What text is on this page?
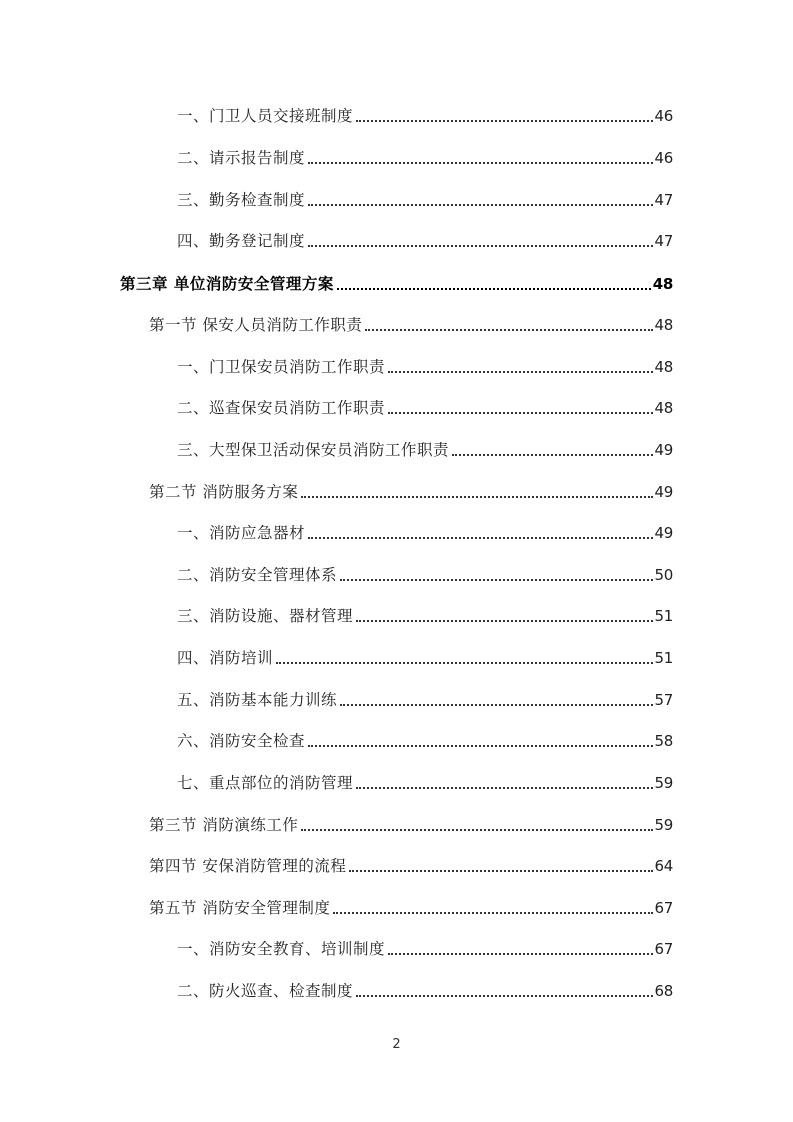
一、门卫人员交接班制度	46
二、请示报告制度	46
三、勤务检查制度	47
四、勤务登记制度	47
第三章 单位消防安全管理方案	48
第一节 保安人员消防工作职责	48
一、门卫保安员消防工作职责	48
二、巡查保安员消防工作职责	48
三、大型保卫活动保安员消防工作职责	49
第二节 消防服务方案	49
一、消防应急器材	49
二、消防安全管理体系	50
三、消防设施、器材管理	51
四、消防培训	51
五、消防基本能力训练	57
六、消防安全检查	58
七、重点部位的消防管理	59
第三节 消防演练工作	59
第四节 安保消防管理的流程	64
第五节 消防安全管理制度	67
一、消防安全教育、培训制度	67
二、防火巡查、检查制度	68
2
